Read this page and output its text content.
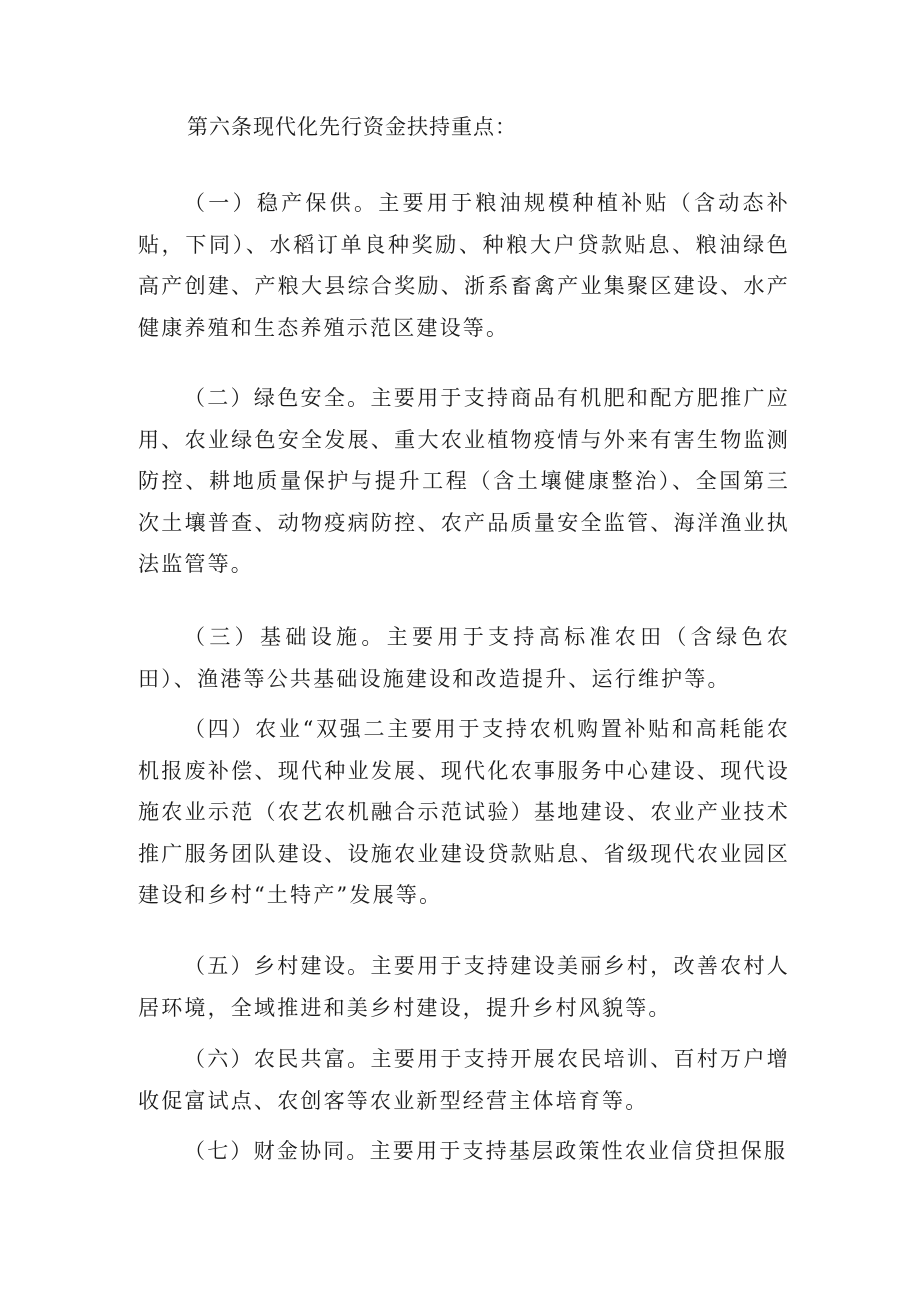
第六条现代化先行资金扶持重点：

（一）稳产保供。主要用于粮油规模种植补贴（含动态补贴，下同）、水稻订单良种奖励、种粮大户贷款贴息、粮油绿色高产创建、产粮大县综合奖励、浙系畜禽产业集聚区建设、水产健康养殖和生态养殖示范区建设等。

（二）绿色安全。主要用于支持商品有机肥和配方肥推广应用、农业绿色安全发展、重大农业植物疫情与外来有害生物监测防控、耕地质量保护与提升工程（含土壤健康整治）、全国第三次土壤普查、动物疫病防控、农产品质量安全监管、海洋渔业执法监管等。

（三）基础设施。主要用于支持高标准农田（含绿色农田）、渔港等公共基础设施建设和改造提升、运行维护等。

（四）农业“双强二主要用于支持农机购置补贴和高耗能农机报废补偿、现代种业发展、现代化农事服务中心建设、现代设施农业示范（农艺农机融合示范试验）基地建设、农业产业技术推广服务团队建设、设施农业建设贷款贴息、省级现代农业园区建设和乡村“土特产”发展等。

（五）乡村建设。主要用于支持建设美丽乡村，改善农村人居环境，全域推进和美乡村建设，提升乡村风貌等。

（六）农民共富。主要用于支持开展农民培训、百村万户增收促富试点、农创客等农业新型经营主体培育等。

（七）财金协同。主要用于支持基层政策性农业信贷担保服
